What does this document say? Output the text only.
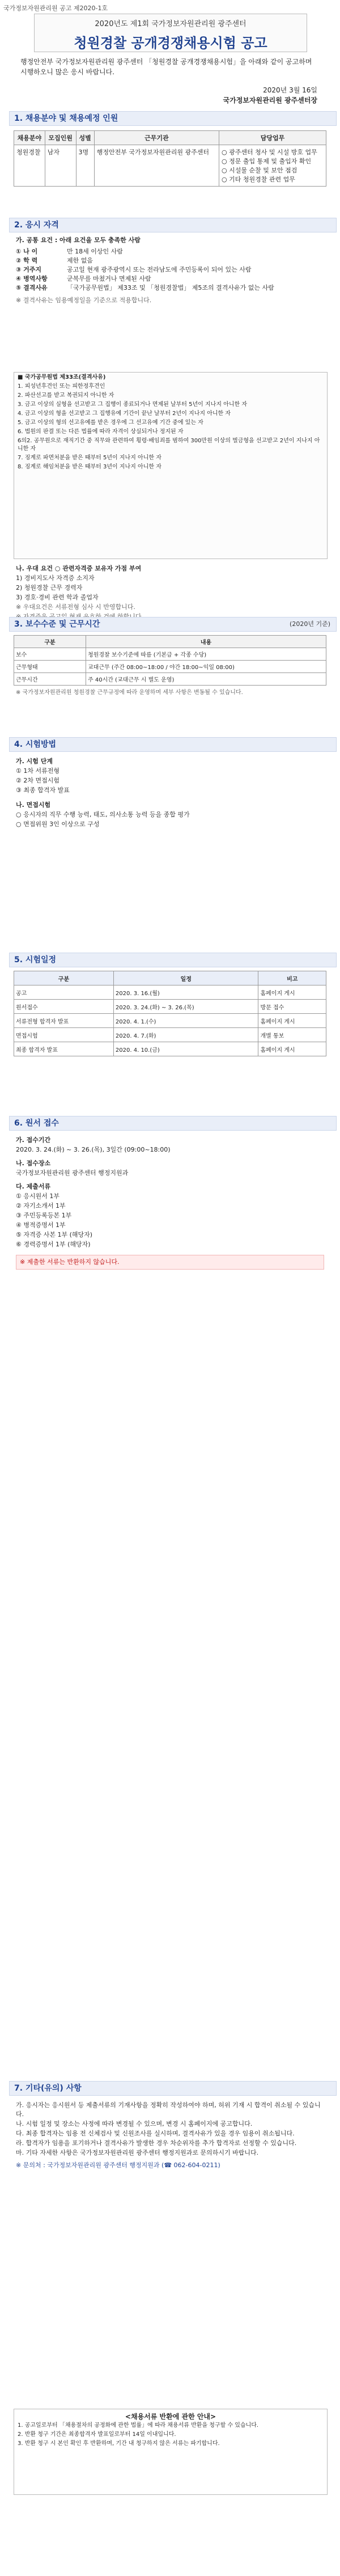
국가정보자원관리원 공고 제2020-1호
2020년도 제1회 국가정보자원관리원 광주센터
청원경찰 공개경쟁채용시험 공고
행정안전부 국가정보자원관리원 광주센터 「청원경찰 공개경쟁채용시험」을 아래와 같이 공고하며 시행하오니 많은 응시 바랍니다.
2020년 3월 16일
국가정보자원관리원 광주센터장
1. 채용분야 및 채용예정 인원
채용분야	모집인원	성별	근무기관	담당업무
청원경찰	남자	3명	행정안전부 국가정보자원관리원 광주센터	○ 광주센터 청사 및 시설 방호 업무
○ 정문 출입 통제 및 출입자 확인
○ 시설물 순찰 및 보안 점검
○ 기타 청원경찰 관련 업무
2. 응시 자격
가. 공통 요건 : 아래 요건을 모두 충족한 사람
① 나 이	만 18세 이상인 사람
② 학 력	제한 없음
③ 거주지	공고일 현재 광주광역시 또는 전라남도에 주민등록이 되어 있는 사람
④ 병역사항	군복무를 마쳤거나 면제된 사람
⑤ 결격사유	「국가공무원법」 제33조 및 「청원경찰법」 제5조의 결격사유가 없는 사람
※ 결격사유는 임용예정일을 기준으로 적용합니다.
■ 국가공무원법 제33조(결격사유)
1. 피성년후견인 또는 피한정후견인
2. 파산선고를 받고 복권되지 아니한 자
3. 금고 이상의 실형을 선고받고 그 집행이 종료되거나 면제된 날부터 5년이 지나지 아니한 자
4. 금고 이상의 형을 선고받고 그 집행유예 기간이 끝난 날부터 2년이 지나지 아니한 자
5. 금고 이상의 형의 선고유예를 받은 경우에 그 선고유예 기간 중에 있는 자
6. 법원의 판결 또는 다른 법률에 따라 자격이 상실되거나 정지된 자
6의2. 공무원으로 재직기간 중 직무와 관련하여 횡령·배임죄를 범하여 300만원 이상의 벌금형을 선고받고 2년이 지나지 아니한 자
7. 징계로 파면처분을 받은 때부터 5년이 지나지 아니한 자
8. 징계로 해임처분을 받은 때부터 3년이 지나지 아니한 자
나. 우대 요건 ○ 관련자격증 보유자 가점 부여
1) 경비지도사 자격증 소지자
2) 청원경찰 근무 경력자
3) 경호·경비 관련 학과 졸업자
※ 우대요건은 서류전형 심사 시 반영합니다.
3. 보수수준 및 근무시간	(2020년 기준)
구분	내용
보수	청원경찰 보수기준에 따름 (기본급 + 각종 수당)
근무형태	교대근무 (주간 08:00~18:00 / 야간 18:00~익일 08:00)
근무시간	주 40시간 (교대근무 시 별도 운영)
※ 국가정보자원관리원 청원경찰 근무규정에 따라 운영하며 세부 사항은 변동될 수 있습니다.
4. 시험방법
가. 시험 단계
① 1차 서류전형
② 2차 면접시험
③ 최종 합격자 발표
나. 면접시험
○ 응시자의 직무 수행 능력, 태도, 의사소통 능력 등을 종합 평가
○ 면접위원 3인 이상으로 구성
5. 시험일정
구분	일정	비고
공고	2020. 3. 16.(월)	홈페이지 게시
원서접수	2020. 3. 24.(화) ~ 3. 26.(목)	방문 접수
서류전형 합격자 발표	2020. 4. 1.(수)	홈페이지 게시
면접시험	2020. 4. 7.(화)	개별 통보
최종 합격자 발표	2020. 4. 10.(금)	홈페이지 게시
6. 원서 접수
가. 접수기간
2020. 3. 24.(화) ~ 3. 26.(목), 3일간 (09:00~18:00)
나. 접수장소
국가정보자원관리원 광주센터 행정지원과
다. 제출서류
① 응시원서 1부
② 자기소개서 1부
③ 주민등록등본 1부
④ 병적증명서 1부
⑤ 자격증 사본 1부 (해당자)
⑥ 경력증명서 1부 (해당자)
※ 제출한 서류는 반환하지 않습니다.
7. 기타(유의) 사항
가. 응시자는 응시원서 등 제출서류의 기재사항을 정확히 작성하여야 하며, 허위 기재 시 합격이 취소될 수 있습니다.
나. 시험 일정 및 장소는 사정에 따라 변경될 수 있으며, 변경 시 홈페이지에 공고합니다.
다. 최종 합격자는 임용 전 신체검사 및 신원조사를 실시하며, 결격사유가 있을 경우 임용이 취소됩니다.
라. 합격자가 임용을 포기하거나 결격사유가 발생한 경우 차순위자를 추가 합격자로 선정할 수 있습니다.
마. 기타 자세한 사항은 국가정보자원관리원 광주센터 행정지원과로 문의하시기 바랍니다.
※ 문의처 : 국가정보자원관리원 광주센터 행정지원과 (☎ 062-604-0211)
<채용서류 반환에 관한 안내>
1. 공고일로부터 「채용절차의 공정화에 관한 법률」에 따라 채용서류 반환을 청구할 수 있습니다.
2. 반환 청구 기간은 최종합격자 발표일로부터 14일 이내입니다.
3. 반환 청구 시 본인 확인 후 반환하며, 기간 내 청구하지 않은 서류는 파기합니다.
